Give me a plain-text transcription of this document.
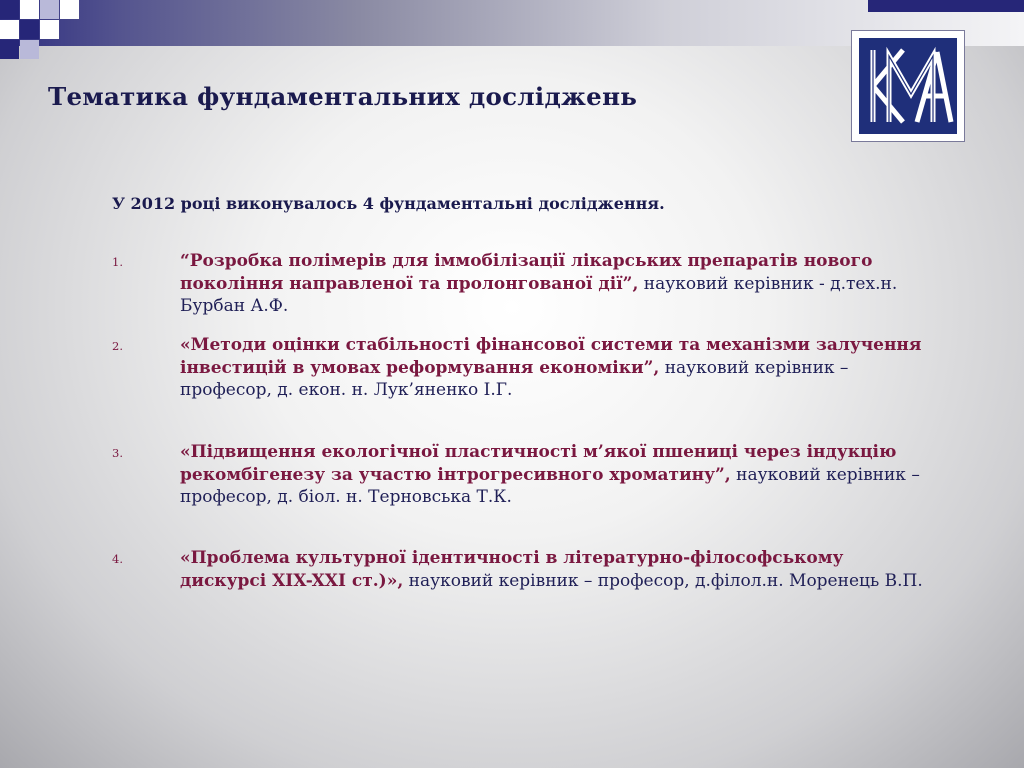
Тематика фундаментальних досліджень

У 2012 році виконувалось 4 фундаментальні дослідження.

1.	“Розробка полімерів для іммобілізації лікарських препаратів нового покоління направленої та пролонгованої дії”, науковий керівник - д.тех.н. Бурбан А.Ф.
2.	«Методи оцінки стабільності фінансової системи та механізми залучення інвестицій в умовах реформування економіки”, науковий керівник – професор, д. екон. н. Лук’яненко І.Г.
3.	«Підвищення екологічної пластичності м’якої пшениці через індукцію рекомбігенезу за участю інтрогресивного хроматину”, науковий керівник – професор, д. біол. н. Терновська Т.К.
4.	«Проблема культурної ідентичності в літературно-філософському дискурсі XIX-XXI ст.)», науковий керівник – професор, д.філол.н. Моренець В.П.
